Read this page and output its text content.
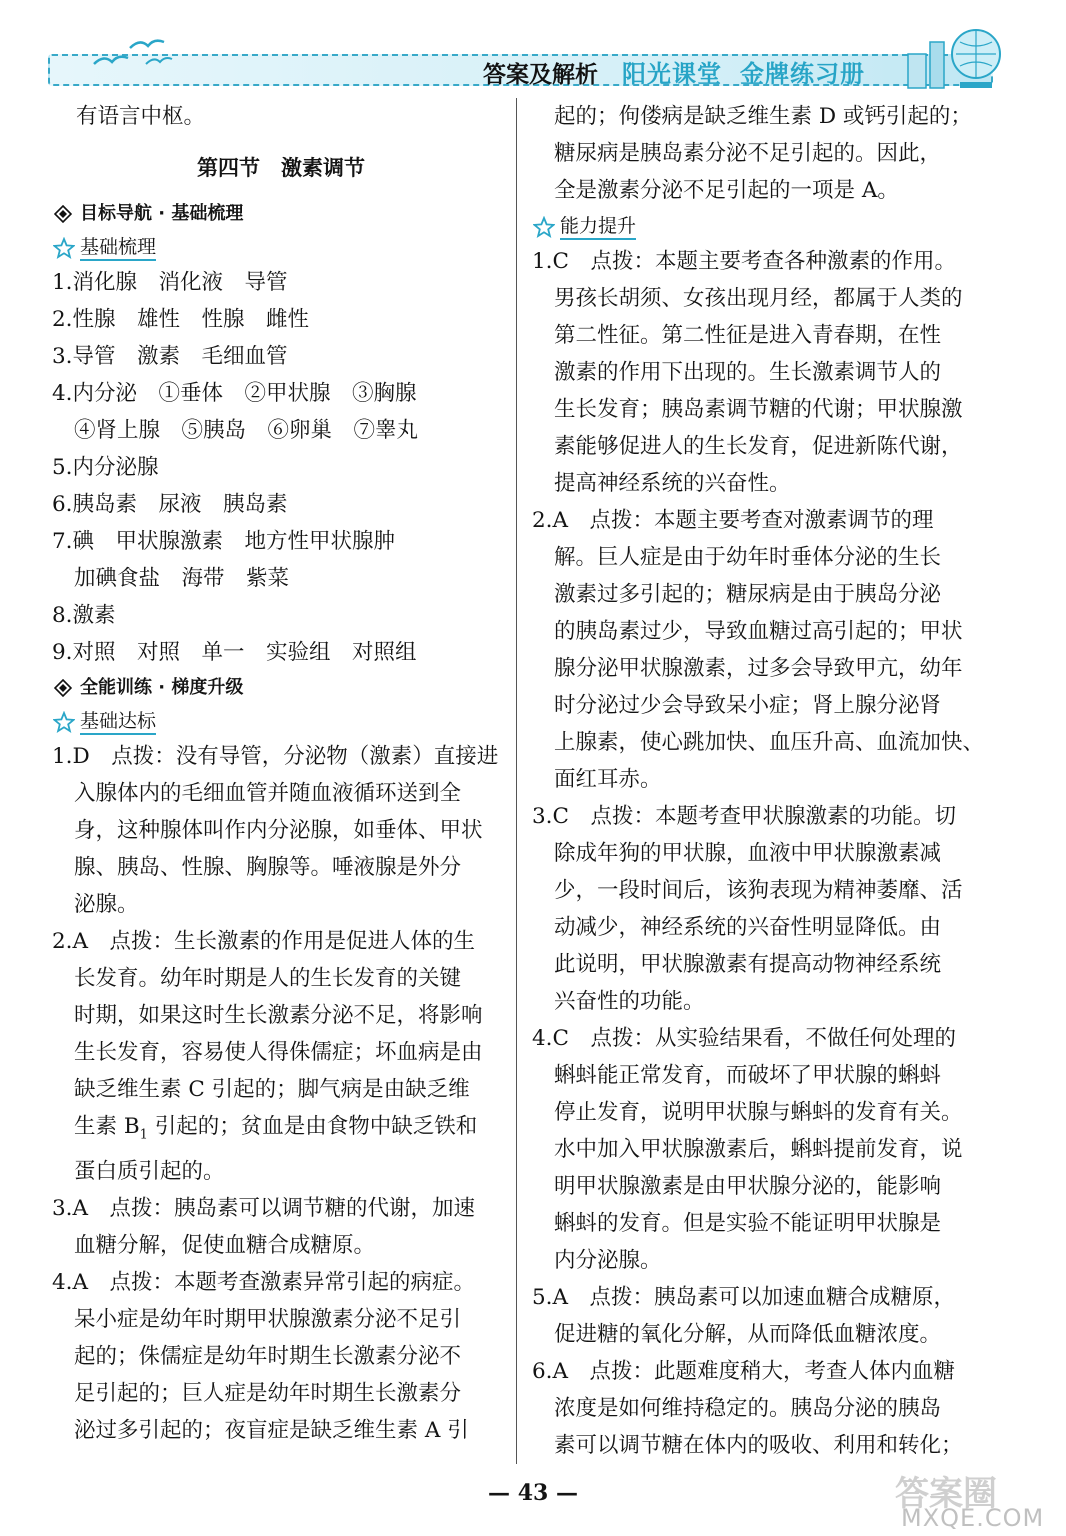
答案及解析 阳光课堂 金牌练习册
有语言中枢。
第四节　激素调节
目标导航 · 基础梳理
基础梳理
1.消化腺　消化液　导管
2.性腺　雄性　性腺　雌性
3.导管　激素　毛细血管
4.内分泌　①垂体　②甲状腺　③胸腺
④肾上腺　⑤胰岛　⑥卵巢　⑦睾丸
5.内分泌腺
6.胰岛素　尿液　胰岛素
7.碘　甲状腺激素　地方性甲状腺肿
加碘食盐　海带　紫菜
8.激素
9.对照　对照　单一　实验组　对照组
全能训练 · 梯度升级
基础达标
1.D　点拨：没有导管，分泌物（激素）直接进
入腺体内的毛细血管并随血液循环送到全
身，这种腺体叫作内分泌腺，如垂体、甲状
腺、胰岛、性腺、胸腺等。唾液腺是外分
泌腺。
2.A　点拨：生长激素的作用是促进人体的生
长发育。幼年时期是人的生长发育的关键
时期，如果这时生长激素分泌不足，将影响
生长发育，容易使人得侏儒症；坏血病是由
缺乏维生素 C 引起的；脚气病是由缺乏维
生素 $B_1$ 引起的；贫血是由食物中缺乏铁和
蛋白质引起的。
3.A　点拨：胰岛素可以调节糖的代谢，加速
血糖分解，促使血糖合成糖原。
4.A　点拨：本题考查激素异常引起的病症。
呆小症是幼年时期甲状腺激素分泌不足引
起的；侏儒症是幼年时期生长激素分泌不
足引起的；巨人症是幼年时期生长激素分
泌过多引起的；夜盲症是缺乏维生素 A 引
起的；佝偻病是缺乏维生素 D 或钙引起的；
糖尿病是胰岛素分泌不足引起的。因此，
全是激素分泌不足引起的一项是 A。
能力提升
1.C　点拨：本题主要考查各种激素的作用。
男孩长胡须、女孩出现月经，都属于人类的
第二性征。第二性征是进入青春期，在性
激素的作用下出现的。生长激素调节人的
生长发育；胰岛素调节糖的代谢；甲状腺激
素能够促进人的生长发育，促进新陈代谢，
提高神经系统的兴奋性。
2.A　点拨：本题主要考查对激素调节的理
解。巨人症是由于幼年时垂体分泌的生长
激素过多引起的；糖尿病是由于胰岛分泌
的胰岛素过少，导致血糖过高引起的；甲状
腺分泌甲状腺激素，过多会导致甲亢，幼年
时分泌过少会导致呆小症；肾上腺分泌肾
上腺素，使心跳加快、血压升高、血流加快、
面红耳赤。
3.C　点拨：本题考查甲状腺激素的功能。切
除成年狗的甲状腺，血液中甲状腺激素减
少，一段时间后，该狗表现为精神萎靡、活
动减少，神经系统的兴奋性明显降低。由
此说明，甲状腺激素有提高动物神经系统
兴奋性的功能。
4.C　点拨：从实验结果看，不做任何处理的
蝌蚪能正常发育，而破坏了甲状腺的蝌蚪
停止发育，说明甲状腺与蝌蚪的发育有关。
水中加入甲状腺激素后，蝌蚪提前发育，说
明甲状腺激素是由甲状腺分泌的，能影响
蝌蚪的发育。但是实验不能证明甲状腺是
内分泌腺。
5.A　点拨：胰岛素可以加速血糖合成糖原，
促进糖的氧化分解，从而降低血糖浓度。
6.A　点拨：此题难度稍大，考查人体内血糖
浓度是如何维持稳定的。胰岛分泌的胰岛
素可以调节糖在体内的吸收、利用和转化；
— 43 —	答案圈
MXQE.COM
